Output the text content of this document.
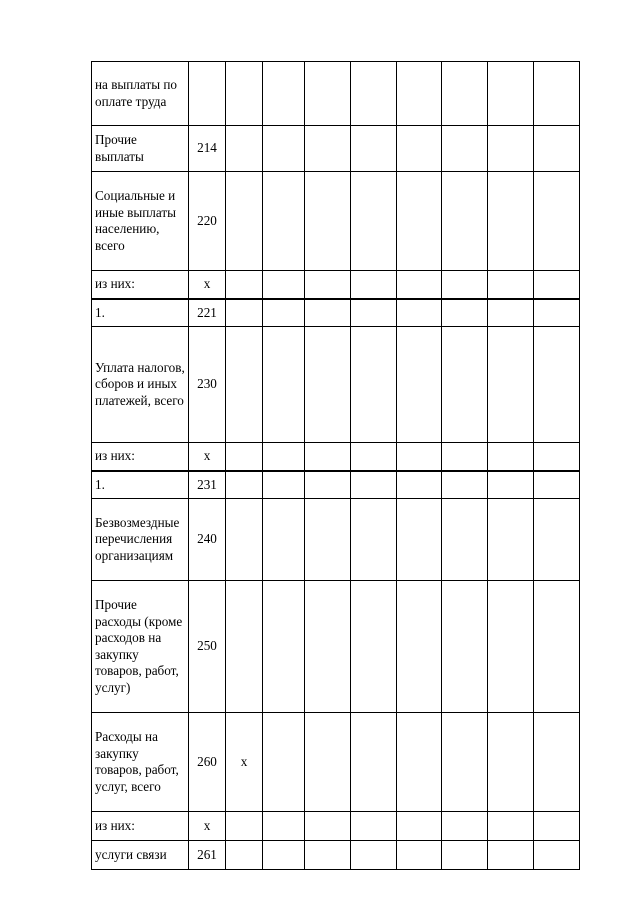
на выплаты по оплате труда									
Прочие выплаты	214								
Социальные и иные выплаты населению, всего	220								
из них:	x								
1.	221								
Уплата налогов, сборов и иных платежей, всего	230								
из них:	x								
1.	231								
Безвозмездные перечисления организациям	240								
Прочие расходы (кроме расходов на закупку товаров, работ, услуг)	250								
Расходы на закупку товаров, работ, услуг, всего	260	x							
из них:	x								
услуги связи	261								
